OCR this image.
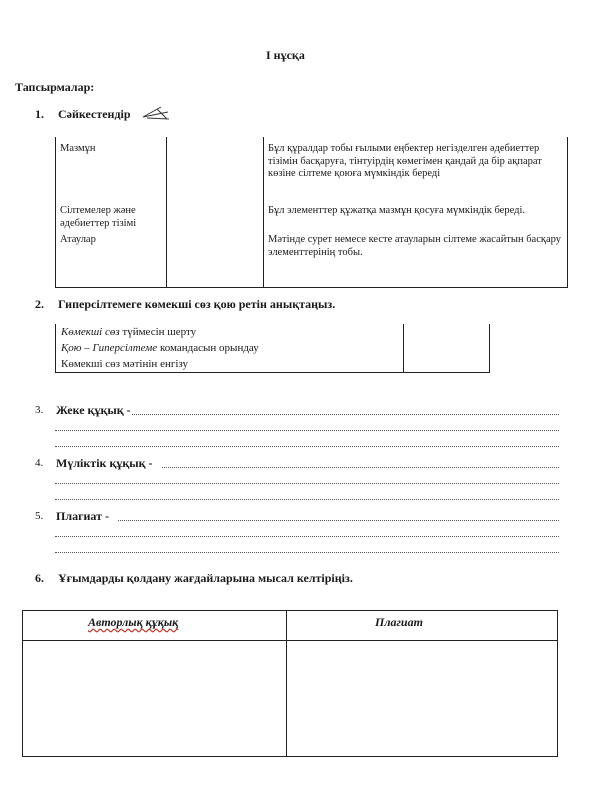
І нұсқа
Тапсырмалар:
1. Сәйкестендір
Мазмұн
Сілтемелер және әдебиеттер тізімі
Атаулар
Бұл құралдар тобы ғылыми еңбектер негізделген әдебиеттер тізімін басқаруға, тінтуірдің көмегімен қандай да бір ақпарат көзіне сілтеме қоюға мүмкіндік береді
Бұл элементтер құжатқа мазмұн қосуға мүмкіндік береді.
Мәтінде сурет немесе кесте атауларын сілтеме жасайтын басқару элементтерінің тобы.
2. Гиперсілтемеге көмекші сөз қою ретін анықтаңыз.
Көмекші сөз түймесін шерту
Қою – Гиперсілтеме командасын орындау
Көмекші сөз мәтінін енгізу
3. Жеке құқық -
4. Мүліктік құқық -
5. Плагиат -
6. Ұғымдарды қолдану жағдайларына мысал келтіріңіз.
Авторлық құқық	Плагиат
